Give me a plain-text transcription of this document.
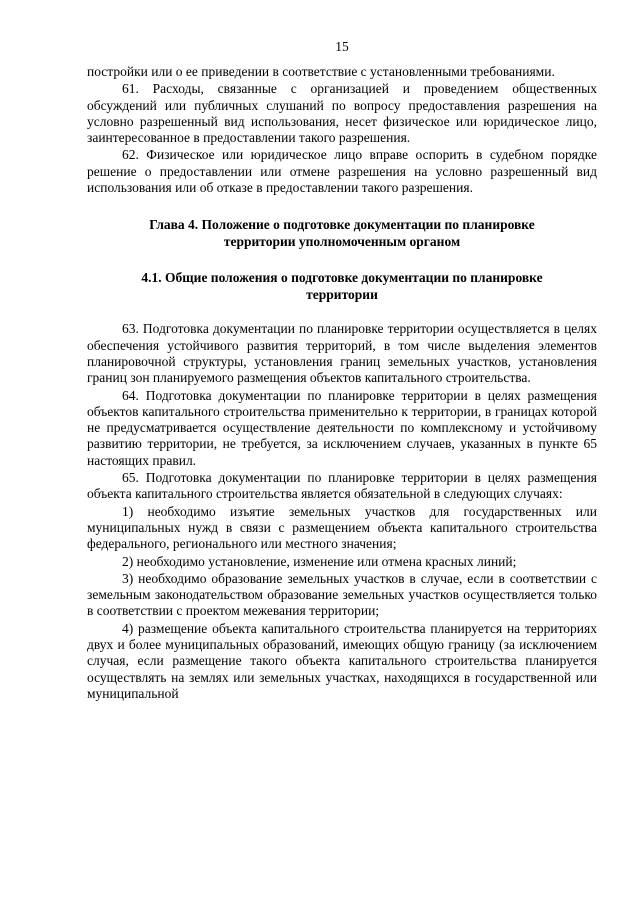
15

постройки или о ее приведении в соответствие с установленными требованиями.

61. Расходы, связанные с организацией и проведением общественных обсуждений или публичных слушаний по вопросу предоставления разрешения на условно разрешенный вид использования, несет физическое или юридическое лицо, заинтересованное в предоставлении такого разрешения.

62. Физическое или юридическое лицо вправе оспорить в судебном порядке решение о предоставлении или отмене разрешения на условно разрешенный вид использования или об отказе в предоставлении такого разрешения.

Глава 4. Положение о подготовке документации по планировке
территории уполномоченным органом
4.1. Общие положения о подготовке документации по планировке
территории

63. Подготовка документации по планировке территории осуществляется в целях обеспечения устойчивого развития территорий, в том числе выделения элементов планировочной структуры, установления границ земельных участков, установления границ зон планируемого размещения объектов капитального строительства.

64. Подготовка документации по планировке территории в целях размещения объектов капитального строительства применительно к территории, в границах которой не предусматривается осуществление деятельности по комплексному и устойчивому развитию территории, не требуется, за исключением случаев, указанных в пункте 65 настоящих правил.

65. Подготовка документации по планировке территории в целях размещения объекта капитального строительства является обязательной в следующих случаях:

1) необходимо изъятие земельных участков для государственных или муниципальных нужд в связи с размещением объекта капитального строительства федерального, регионального или местного значения;

2) необходимо установление, изменение или отмена красных линий;

3) необходимо образование земельных участков в случае, если в соответствии с земельным законодательством образование земельных участков осуществляется только в соответствии с проектом межевания территории;

4) размещение объекта капитального строительства планируется на территориях двух и более муниципальных образований, имеющих общую границу (за исключением случая, если размещение такого объекта капитального строительства планируется осуществлять на землях или земельных участках, находящихся в государственной или муниципальной
